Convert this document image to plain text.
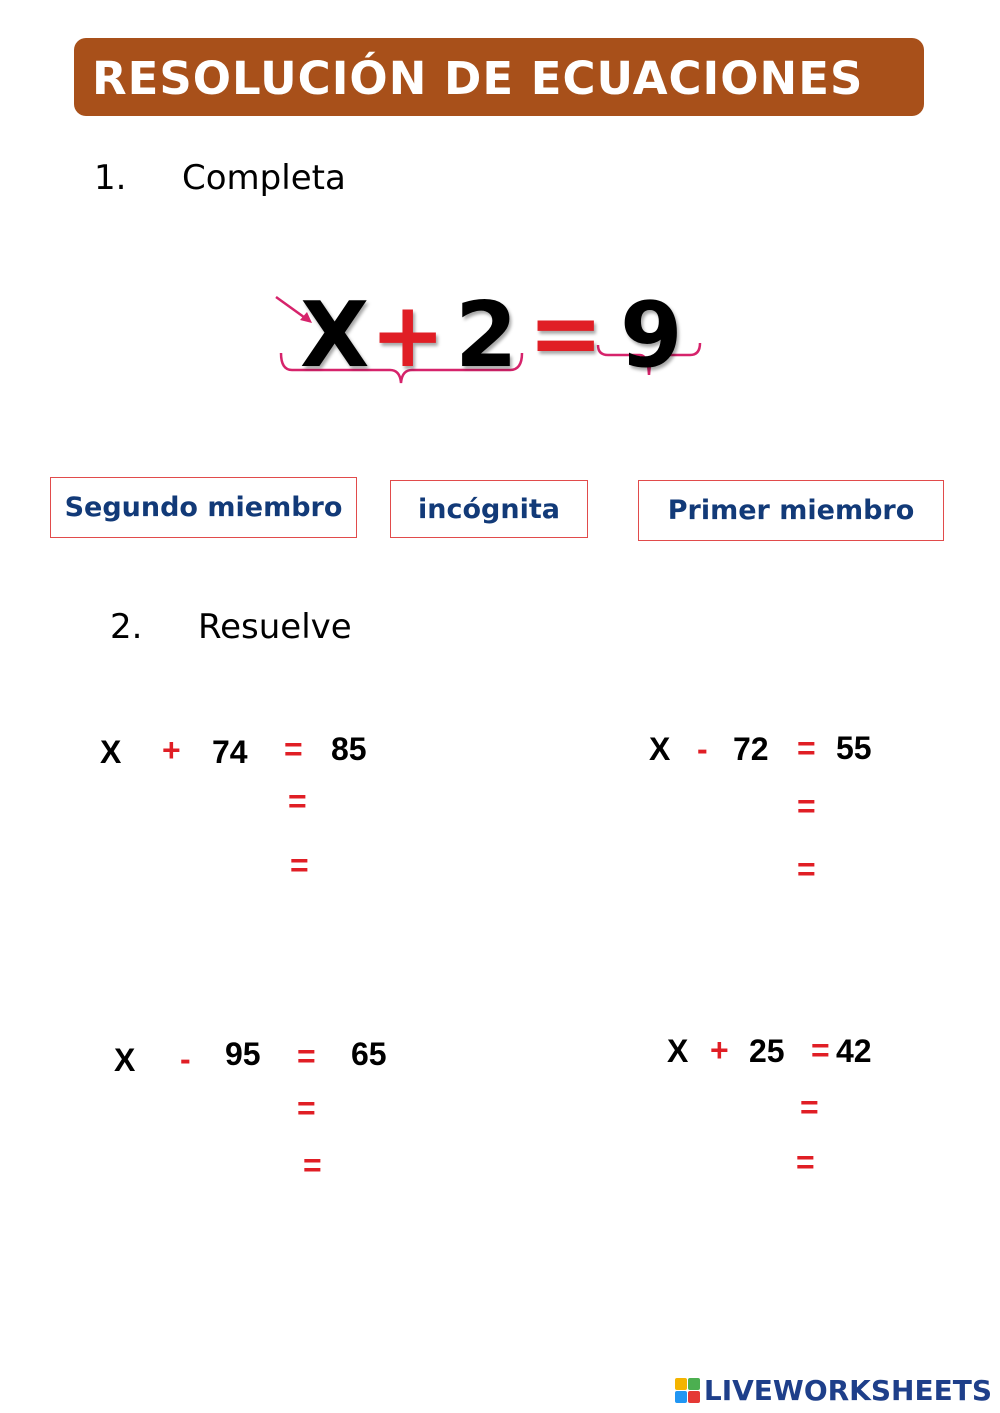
RESOLUCIÓN DE ECUACIONES
1. Completa
X + 2 = 9
Segundo miembro	incógnita	Primer miembro
2. Resuelve
X + 74 = 85
=
=
X - 72 = 55
=
=
X - 95 = 65
=
=
X + 25 = 42
=
=
LIVEWORKSHEETS
